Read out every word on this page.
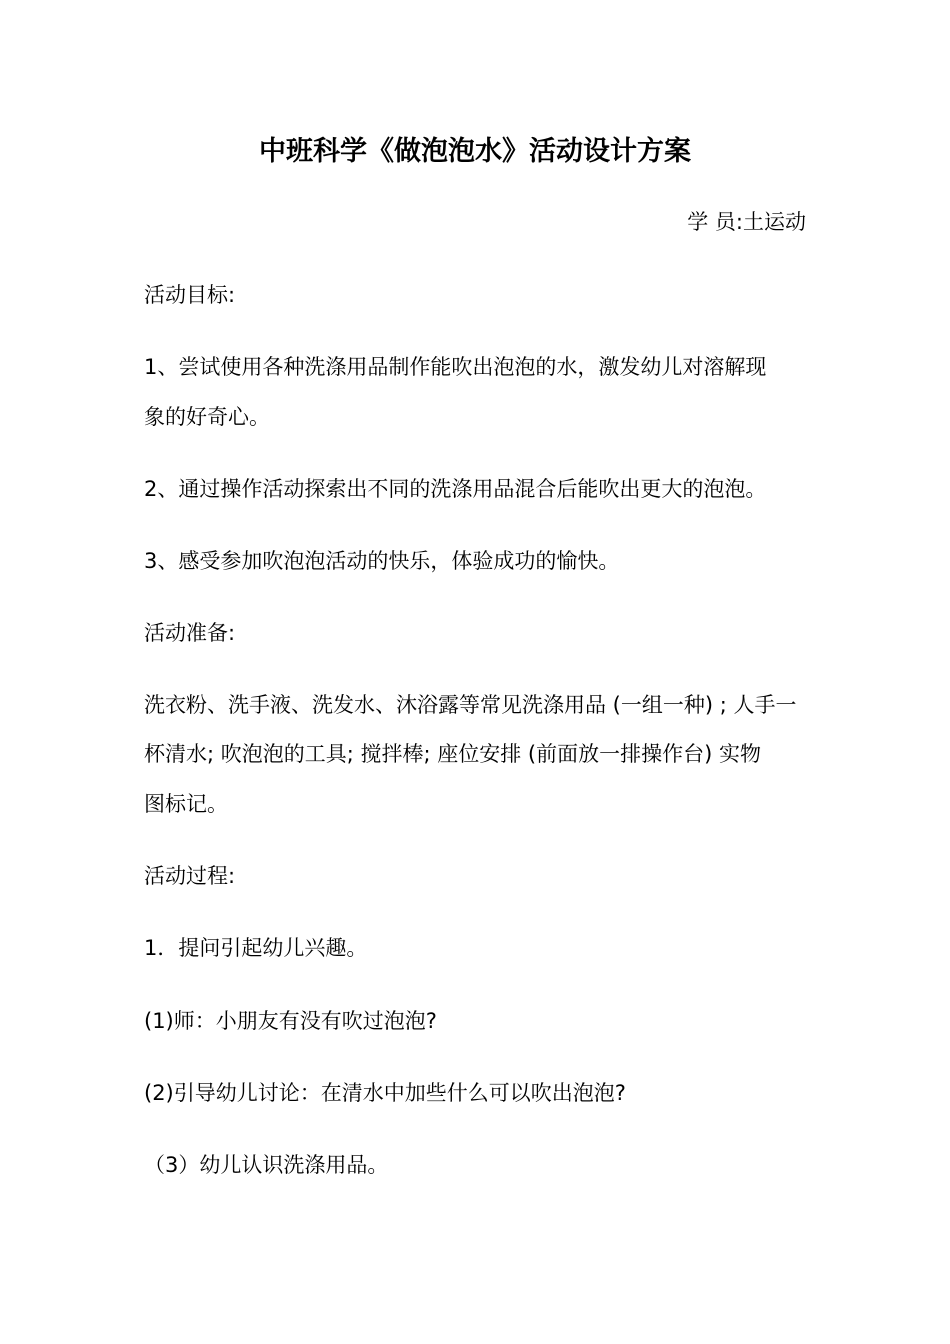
中班科学《做泡泡水》活动设计方案
学 员:土运动
活动目标:
1、尝试使用各种洗涤用品制作能吹出泡泡的水，激发幼儿对溶解现
象的好奇心。
2、通过操作活动探索出不同的洗涤用品混合后能吹出更大的泡泡。
3、感受参加吹泡泡活动的快乐，体验成功的愉快。
活动准备:
洗衣粉、洗手液、洗发水、沐浴露等常见洗涤用品 (一组一种) ; 人手一
杯清水; 吹泡泡的工具; 搅拌棒; 座位安排 (前面放一排操作台) 实物
图标记。
活动过程:
1．提问引起幼儿兴趣。
(1)师：小朋友有没有吹过泡泡?
(2)引导幼儿讨论：在清水中加些什么可以吹出泡泡?
（3）幼儿认识洗涤用品。
